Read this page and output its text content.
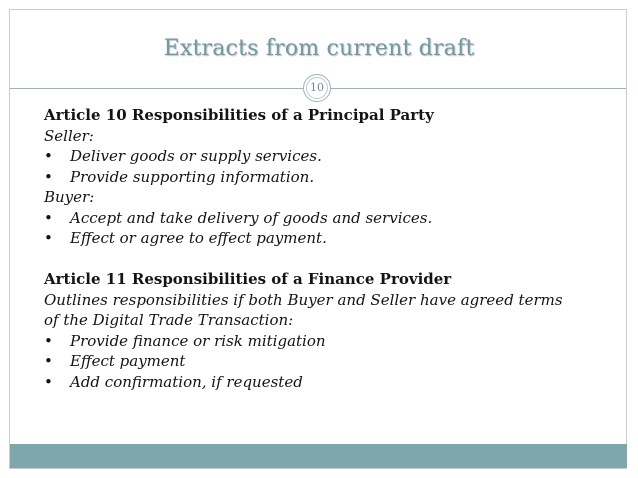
Extracts from current draft
10
Article 10 Responsibilities of a Principal Party
Seller:
• Deliver goods or supply services.
• Provide supporting information.
Buyer:
• Accept and take delivery of goods and services.
• Effect or agree to effect payment.
Article 11 Responsibilities of a Finance Provider
Outlines responsibilities if both Buyer and Seller have agreed terms
of the Digital Trade Transaction:
• Provide finance or risk mitigation
• Effect payment
• Add confirmation, if requested
